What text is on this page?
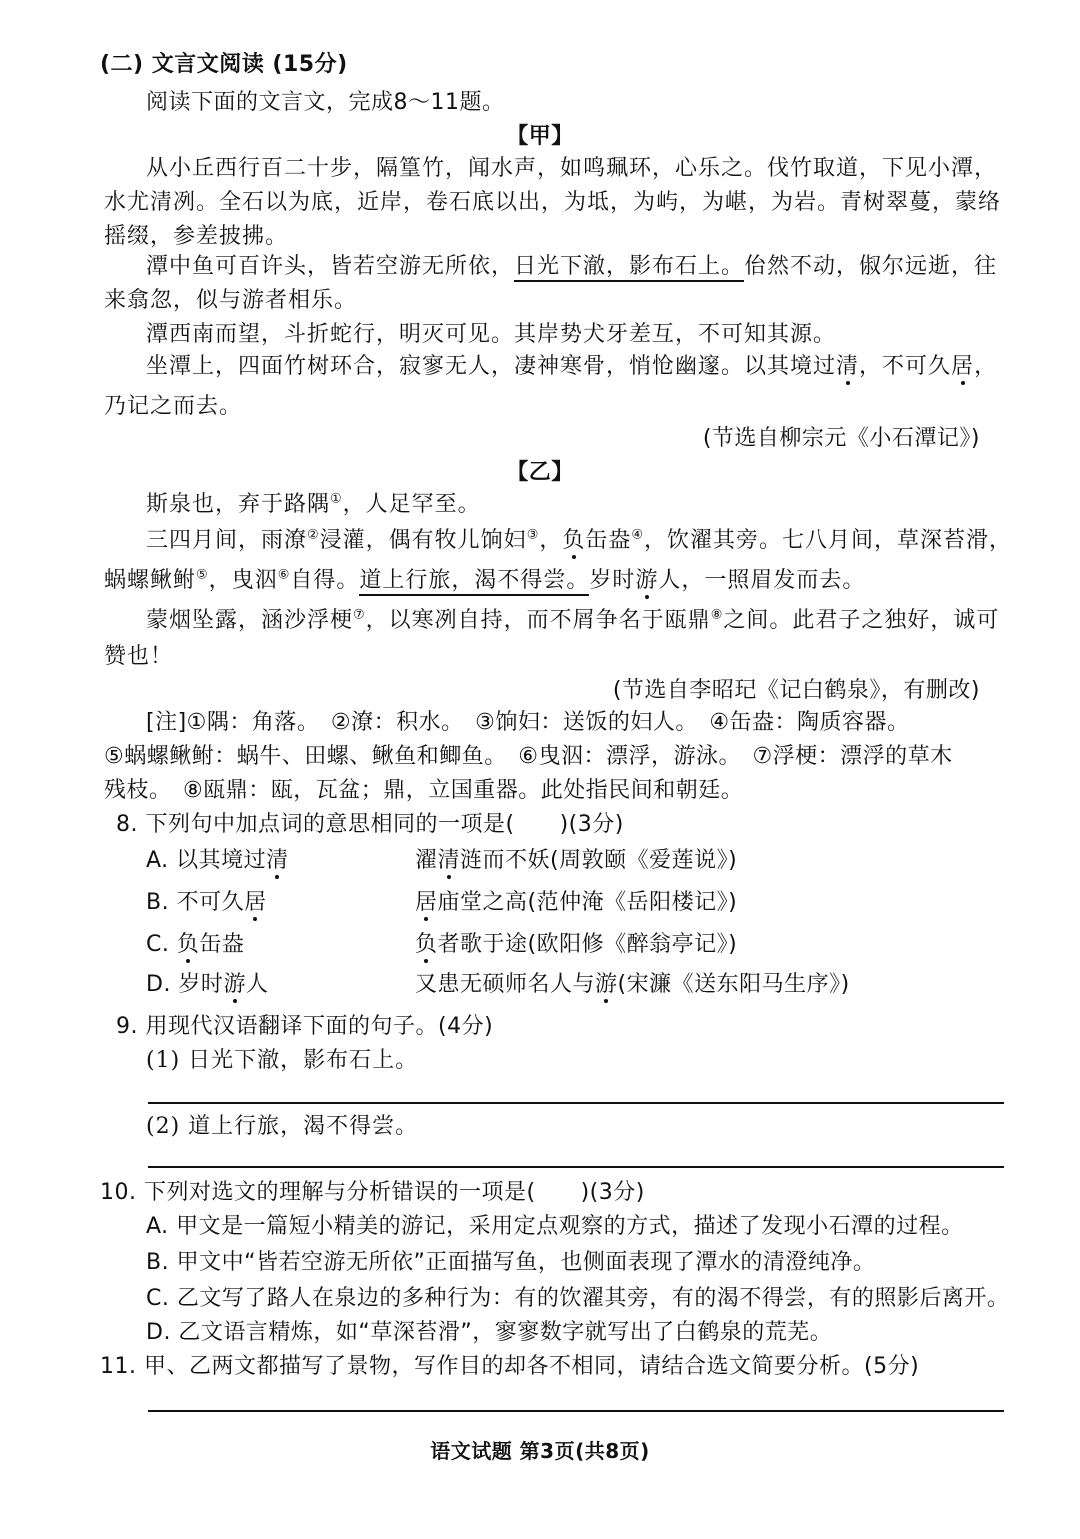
(二) 文言文阅读 (15分)
阅读下面的文言文，完成8～11题。
【甲】
从小丘西行百二十步，隔篁竹，闻水声，如鸣珮环，心乐之。伐竹取道，下见小潭，
水尤清冽。全石以为底，近岸，卷石底以出，为坻，为屿，为嵁，为岩。青树翠蔓，蒙络
摇缀，参差披拂。
潭中鱼可百许头，皆若空游无所依，日光下澈，影布石上。佁然不动，俶尔远逝，往
来翕忽，似与游者相乐。
潭西南而望，斗折蛇行，明灭可见。其岸势犬牙差互，不可知其源。
坐潭上，四面竹树环合，寂寥无人，凄神寒骨，悄怆幽邃。以其境过清，不可久居，
乃记之而去。
(节选自柳宗元《小石潭记》)
【乙】
斯泉也，弃于路隅①，人足罕至。
三四月间，雨潦②浸灌，偶有牧儿饷妇③，负缶盎④，饮濯其旁。七八月间，草深苔滑，
蜗螺鳅鲋⑤，曳泅⑥自得。道上行旅，渴不得尝。岁时游人，一照眉发而去。
蒙烟坠露，涵沙浮梗⑦，以寒冽自持，而不屑争名于瓯鼎⑧之间。此君子之独好，诚可
赞也！
(节选自李昭玘《记白鹤泉》，有删改)
[注]①隅：角落。　②潦：积水。　③饷妇：送饭的妇人。　④缶盎：陶质容器。
⑤蜗螺鳅鲋：蜗牛、田螺、鳅鱼和鲫鱼。　⑥曳泅：漂浮，游泳。　⑦浮梗：漂浮的草木
残枝。　⑧瓯鼎：瓯，瓦盆；鼎，立国重器。此处指民间和朝廷。
8. 下列句中加点词的意思相同的一项是(　　)(3分)
A. 以其境过清	濯清涟而不妖(周敦颐《爱莲说》)
B. 不可久居	居庙堂之高(范仲淹《岳阳楼记》)
C. 负缶盎	负者歌于途(欧阳修《醉翁亭记》)
D. 岁时游人	又患无硕师名人与游(宋濂《送东阳马生序》)
9. 用现代汉语翻译下面的句子。(4分)
(1) 日光下澈，影布石上。
(2) 道上行旅，渴不得尝。
10. 下列对选文的理解与分析错误的一项是(　　)(3分)
A. 甲文是一篇短小精美的游记，采用定点观察的方式，描述了发现小石潭的过程。
B. 甲文中“皆若空游无所依”正面描写鱼，也侧面表现了潭水的清澄纯净。
C. 乙文写了路人在泉边的多种行为：有的饮濯其旁，有的渴不得尝，有的照影后离开。
D. 乙文语言精炼，如“草深苔滑”，寥寥数字就写出了白鹤泉的荒芜。
11. 甲、乙两文都描写了景物，写作目的却各不相同，请结合选文简要分析。(5分)
语文试题 第3页(共8页)
